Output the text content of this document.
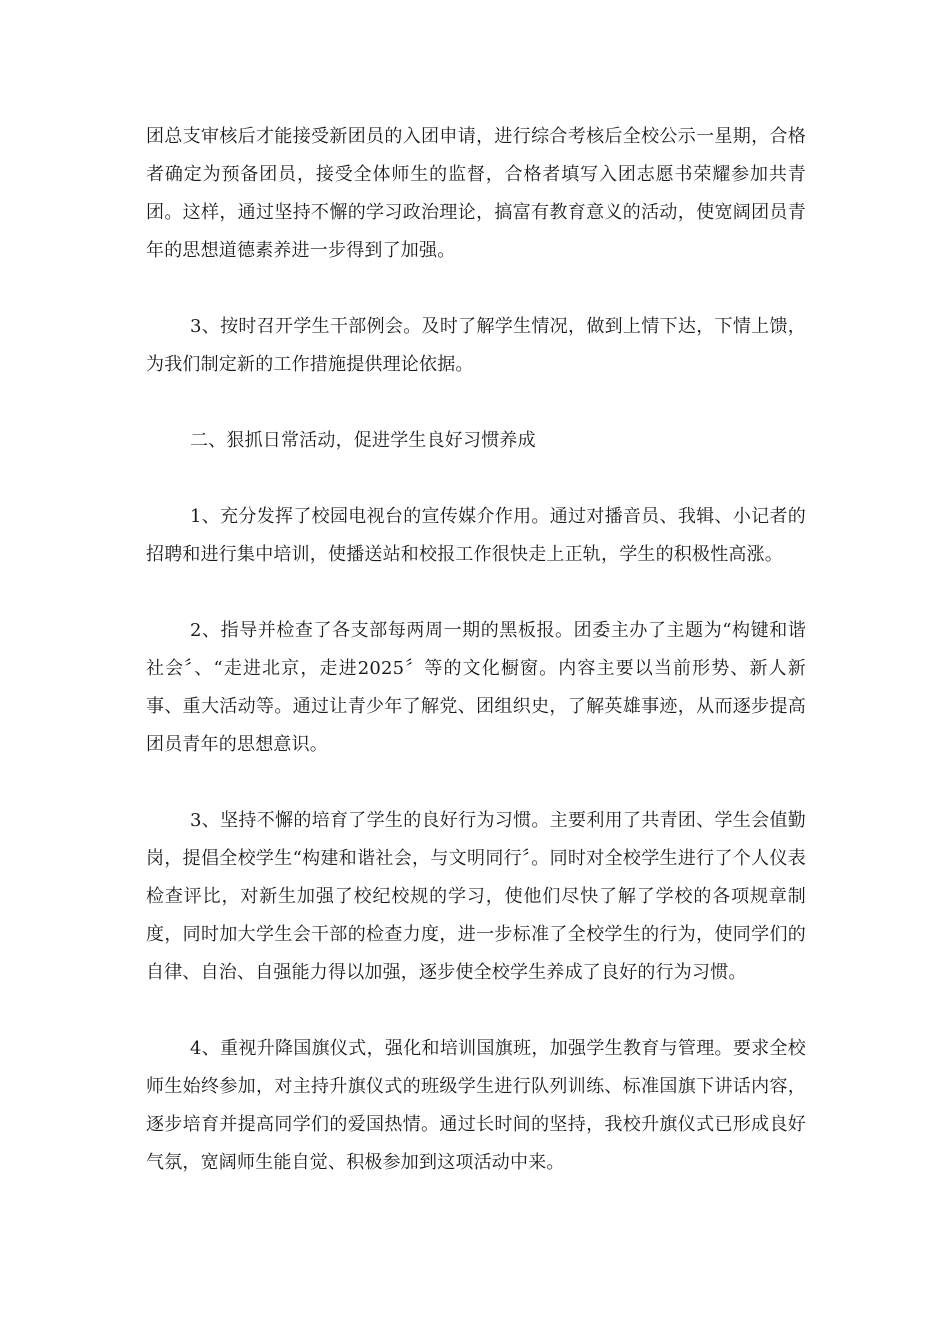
团总支审核后才能接受新团员的入团申请，进行综合考核后全校公示一星期，合格者确定为预备团员，接受全体师生的监督，合格者填写入团志愿书荣耀参加共青团。这样，通过坚持不懈的学习政治理论，搞富有教育意义的活动，使宽阔团员青年的思想道德素养进一步得到了加强。

3、按时召开学生干部例会。及时了解学生情况，做到上情下达，下情上馈，为我们制定新的工作措施提供理论依据。

二、狠抓日常活动，促进学生良好习惯养成

1、充分发挥了校园电视台的宣传媒介作用。通过对播音员、我辑、小记者的招聘和进行集中培训，使播送站和校报工作很快走上正轨，学生的积极性高涨。

2、指导并检查了各支部每两周一期的黑板报。团委主办了主题为“构键和谐社会〞、“走进北京，走进2025〞等的文化橱窗。内容主要以当前形势、新人新事、重大活动等。通过让青少年了解党、团组织史，了解英雄事迹，从而逐步提高团员青年的思想意识。

3、坚持不懈的培育了学生的良好行为习惯。主要利用了共青团、学生会值勤岗，提倡全校学生“构建和谐社会，与文明同行〞。同时对全校学生进行了个人仪表检查评比，对新生加强了校纪校规的学习，使他们尽快了解了学校的各项规章制度，同时加大学生会干部的检查力度，进一步标准了全校学生的行为，使同学们的自律、自治、自强能力得以加强，逐步使全校学生养成了良好的行为习惯。

4、重视升降国旗仪式，强化和培训国旗班，加强学生教育与管理。要求全校师生始终参加，对主持升旗仪式的班级学生进行队列训练、标准国旗下讲话内容，逐步培育并提高同学们的爱国热情。通过长时间的坚持，我校升旗仪式已形成良好气氛，宽阔师生能自觉、积极参加到这项活动中来。
